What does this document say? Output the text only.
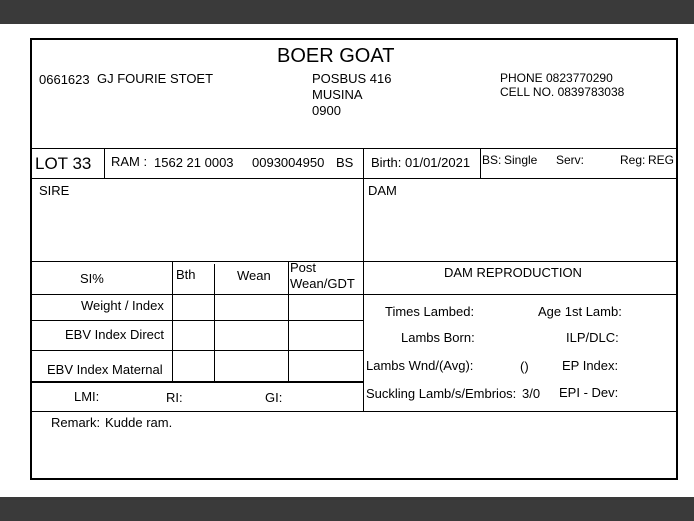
BOER GOAT
0661623 GJ FOURIE STOET	POSBUS 416
MUSINA
0900
PHONE 0823770290
CELL NO. 0839783038
LOT 33 RAM : 1562 21 0003 0093004950 BS Birth: 01/01/2021 BS: Single Serv:	Reg: REG
SIRE	DAM
SI%	Bth	Wean
Post
Wean/GDT
Weight / Index
EBV Index Direct
EBV Index Maternal
LMI:	RI:	GI:
DAM REPRODUCTION
Times Lambed:	Age 1st Lamb:
Lambs Born:	ILP/DLC:
Lambs Wnd/(Avg):	()	EP Index:
Suckling Lamb/s/Embrios: 3/0 EPI - Dev:
Remark: Kudde ram.
